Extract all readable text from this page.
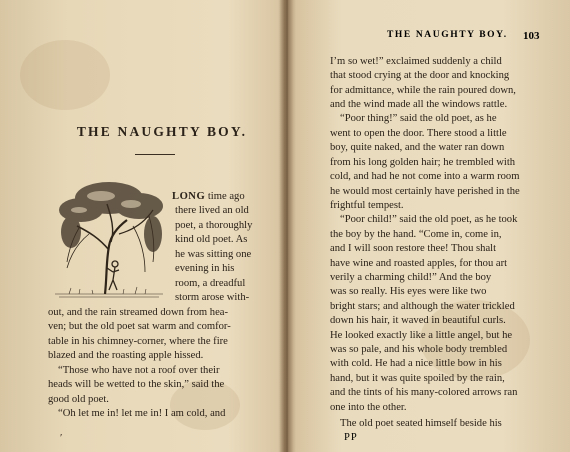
THE NAUGHTY BOY.
LONG time ago
there lived an old
poet, a thoroughly
kind old poet. As
he was sitting one
evening in his
room, a dreadful
storm arose with-
out, and the rain streamed down from hea-
ven; but the old poet sat warm and comfor-
table in his chimney-corner, where the fire
blazed and the roasting apple hissed.
“Those who have not a roof over their
heads will be wetted to the skin,” said the
good old poet.
“Oh let me in! let me in! I am cold, and
′
THE NAUGHTY BOY. 103
I’m so wet!” exclaimed suddenly a child
that stood crying at the door and knocking
for admittance, while the rain poured down,
and the wind made all the windows rattle.
“Poor thing!” said the old poet, as he
went to open the door. There stood a little
boy, quite naked, and the water ran down
from his long golden hair; he trembled with
cold, and had he not come into a warm room
he would most certainly have perished in the
frightful tempest.
“Poor child!” said the old poet, as he took
the boy by the hand. “Come in, come in,
and I will soon restore thee! Thou shalt
have wine and roasted apples, for thou art
verily a charming child!” And the boy
was so really. His eyes were like two
bright stars; and although the water trickled
down his hair, it waved in beautiful curls.
He looked exactly like a little angel, but he
was so pale, and his whole body trembled
with cold. He had a nice little bow in his
hand, but it was quite spoiled by the rain,
and the tints of his many-colored arrows ran
one into the other.
The old poet seated himself beside his
PP
